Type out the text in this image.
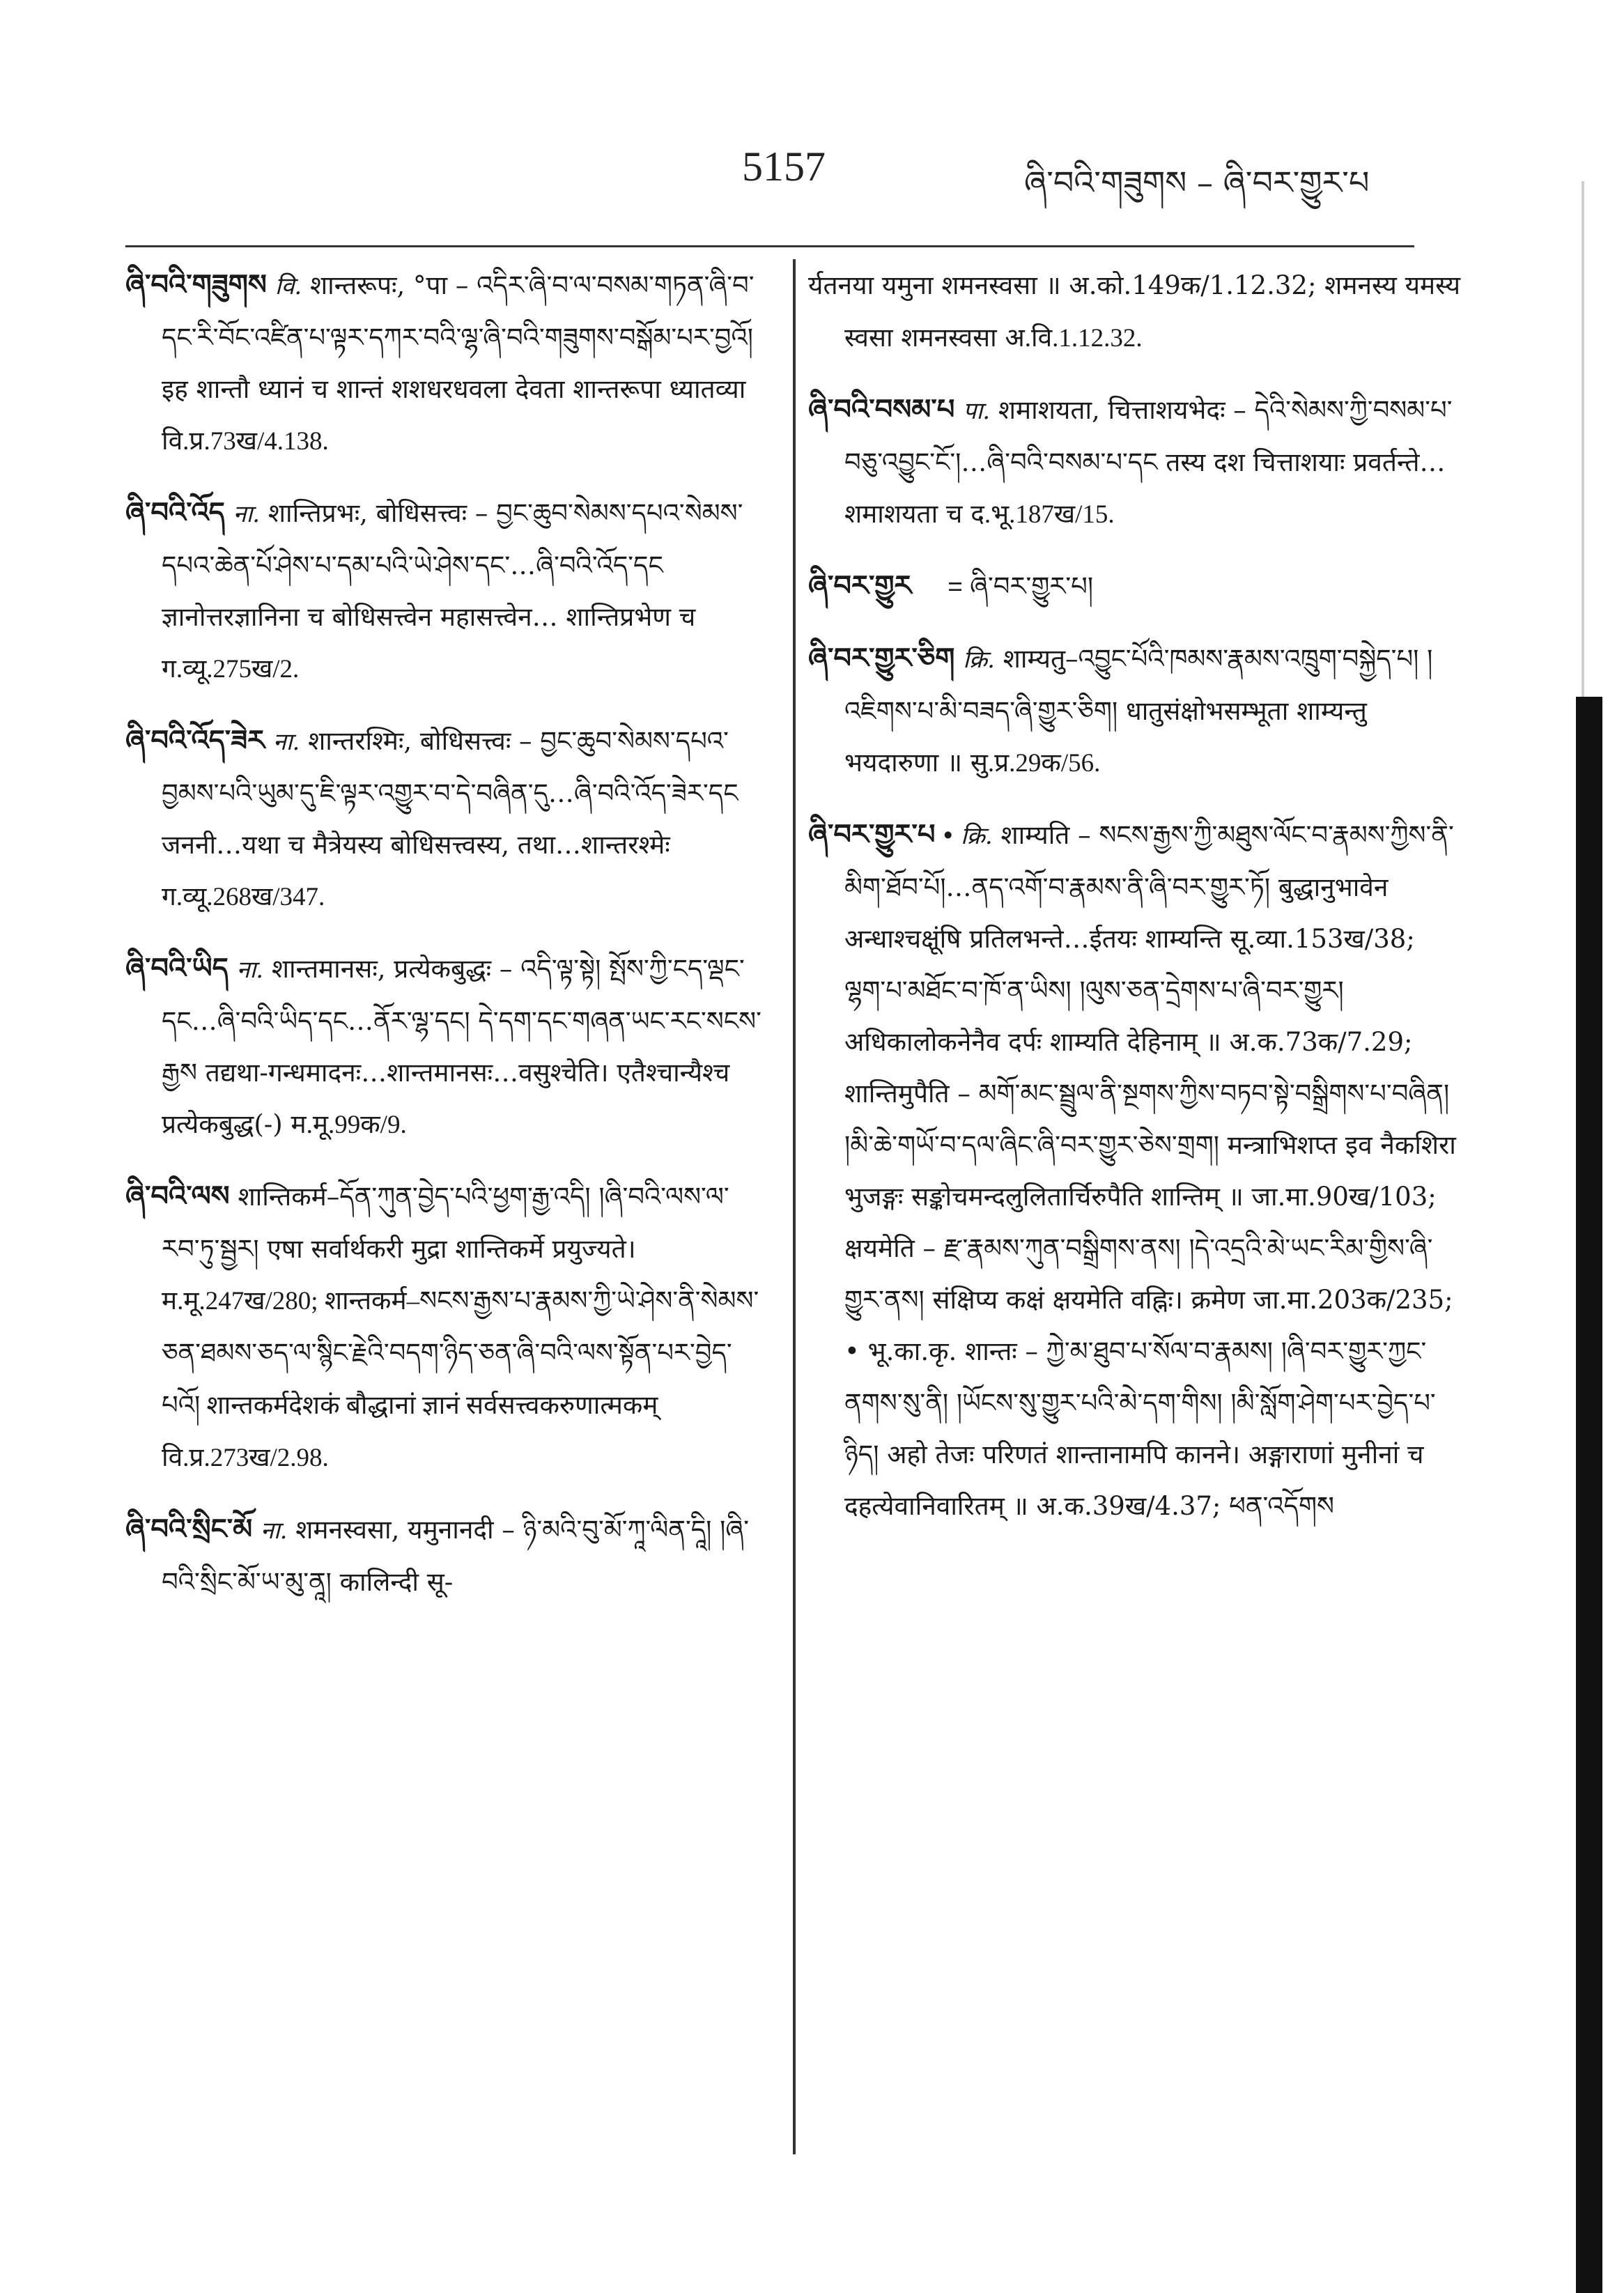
5157	ཞི་བའི་གཟུགས – ཞི་བར་གྱུར་པ

ཞི་བའི་གཟུགས वि. शान्तरूपः, °पा – འདིར་ཞི་བ་ལ་བསམ་གཏན་ཞི་བ་དང་རི་བོང་འཛིན་པ་ལྟར་དཀར་བའི་ལྷ་ཞི་བའི་གཟུགས་བསྒོམ་པར་བྱའོ། इह शान्तौ ध्यानं च शान्तं शशधरधवला देवता शान्तरूपा ध्यातव्या वि.प्र.73ख/4.138.

ཞི་བའི་འོད ना. शान्तिप्रभः, बोधिसत्त्वः – བྱང་ཆུབ་སེམས་དཔའ་སེམས་དཔའ་ཆེན་པོ་ཤེས་པ་དམ་པའི་ཡེ་ཤེས་དང་…ཞི་བའི་འོད་དང ज्ञानोत्तरज्ञानिना च बोधिसत्त्वेन महासत्त्वेन… शान्तिप्रभेण च ग.व्यू.275ख/2.

ཞི་བའི་འོད་ཟེར ना. शान्तरश्मिः, बोधिसत्त्वः – བྱང་ཆུབ་སེམས་དཔའ་བྱམས་པའི་ཡུམ་དུ་ཇི་ལྟར་འགྱུར་བ་དེ་བཞིན་དུ…ཞི་བའི་འོད་ཟེར་དང जननी…यथा च मैत्रेयस्य बोधिसत्त्वस्य, तथा…शान्तरश्मेः ग.व्यू.268ख/347.

ཞི་བའི་ཡིད ना. शान्तमानसः, प्रत्येकबुद्धः – འདི་ལྟ་སྟེ། སྤོས་ཀྱི་ངད་ལྡང་དང…ཞི་བའི་ཡིད་དང…ནོར་ལྷ་དང། དེ་དག་དང་གཞན་ཡང་རང་སངས་རྒྱས तद्यथा-गन्धमादनः…शान्तमानसः…वसुश्चेति। एतैश्चान्यैश्च प्रत्येकबुद्ध(-) म.मू.99क/9.

ཞི་བའི་ལས शान्तिकर्म–དོན་ཀུན་བྱེད་པའི་ཕྱག་རྒྱ་འདི། །ཞི་བའི་ལས་ལ་རབ་ཏུ་སྦྱར། एषा सर्वार्थकरी मुद्रा शान्तिकर्मे प्रयुज्यते। म.मू.247ख/280; शान्तकर्म–སངས་རྒྱས་པ་རྣམས་ཀྱི་ཡེ་ཤེས་ནི་སེམས་ཅན་ཐམས་ཅད་ལ་སྙིང་རྗེའི་བདག་ཉིད་ཅན་ཞི་བའི་ལས་སྟོན་པར་བྱེད་པའོ། शान्तकर्मदेशकं बौद्धानां ज्ञानं सर्वसत्त्वकरुणात्मकम् वि.प्र.273ख/2.98.

ཞི་བའི་སྲིང་མོ ना. शमनस्वसा, यमुनानदी – ཉི་མའི་བུ་མོ་ཀཱ་ལིན་དཱི། །ཞི་བའི་སྲིང་མོ་ཡ་མུ་ནཱ། कालिन्दी सू-

र्यतनया यमुना शमनस्वसा ॥ अ.को.149क/1.12.32; शमनस्य यमस्य स्वसा शमनस्वसा अ.वि.1.12.32.

ཞི་བའི་བསམ་པ पा. शमाशयता, चित्ताशयभेदः – དེའི་སེམས་ཀྱི་བསམ་པ་བཅུ་འབྱུང་ངོ་།…ཞི་བའི་བསམ་པ་དང तस्य दश चित्ताशयाः प्रवर्तन्ते…शमाशयता च द.भू.187ख/15.

ཞི་བར་གྱུར = ཞི་བར་གྱུར་པ།

ཞི་བར་གྱུར་ཅིག क्रि. शाम्यतु–འབྱུང་པོའི་ཁམས་རྣམས་འཁྲུག་བསྐྱེད་པ། །འཇིགས་པ་མི་བཟད་ཞི་གྱུར་ཅིག། धातुसंक्षोभसम्भूता शाम्यन्तु भयदारुणा ॥ सु.प्र.29क/56.

ཞི་བར་གྱུར་པ • क्रि. शाम्यति – སངས་རྒྱས་ཀྱི་མཐུས་ལོང་བ་རྣམས་ཀྱིས་ནི་མིག་ཐོབ་པོ།…ནད་འགོ་བ་རྣམས་ནི་ཞི་བར་གྱུར་ཏོ། बुद्धानुभावेन अन्धाश्चक्षूंषि प्रतिलभन्ते…ईतयः शाम्यन्ति सू.व्या.153ख/38; ལྷག་པ་མཐོང་བ་ཁོ་ན་ཡིས། །ལུས་ཅན་དྲེགས་པ་ཞི་བར་གྱུར། अधिकालोकनेनैव दर्पः शाम्यति देहिनाम् ॥ अ.क.73क/7.29; शान्तिमुपैति – མགོ་མང་སྦྲུལ་ནི་སྔགས་ཀྱིས་བཏབ་སྟེ་བསྒྲིགས་པ་བཞིན། །མི་ཆེ་གཡོ་བ་དལ་ཞིང་ཞི་བར་གྱུར་ཅེས་གྲག། मन्त्राभिशप्त इव नैकशिरा भुजङ्गः सङ्कोचमन्दलुलितार्चिरुपैति शान्तिम् ॥ जा.मा.90ख/103; क्षयमेति – རྫ་རྣམས་ཀུན་བསྒྲིགས་ནས། །དེ་འདྲའི་མེ་ཡང་རིམ་གྱིས་ཞི་གྱུར་ནས། संक्षिप्य कक्षं क्षयमेति वह्निः। क्रमेण जा.मा.203क/235; • भू.का.कृ. शान्तः – ཀྱེ་མ་ཐུབ་པ་སོལ་བ་རྣམས། །ཞི་བར་གྱུར་ཀྱང་ནགས་སུ་ནི། །ཡོངས་སུ་གྱུར་པའི་མེ་དག་གིས། །མི་སློག་ཤེག་པར་བྱེད་པ་ཉིད། अहो तेजः परिणतं शान्तानामपि कानने। अङ्गाराणां मुनीनां च दहत्येवानिवारितम् ॥ अ.क.39ख/4.37; ཕན་འདོགས
